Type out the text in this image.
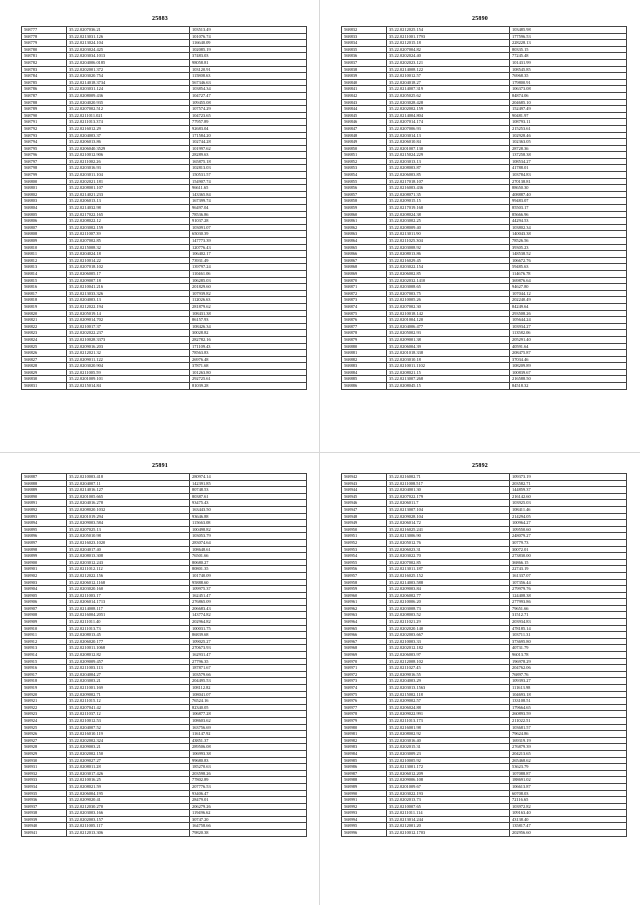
25883
568777	35.22.0207036.21	103513.49
568778	35.22.0213031.126	101076.74
568779	35.22.0213024.104	116640.09
568780	35.22.0203024.425	102085.19
568781	35.22.0203034.1013	37483.03
568782	35.22.0204006.0185	98058.81
568783	35.22.0202001.372	103120.91
568784	35.22.0203020.754	115808.63
568785	35.22.0214018.3734	567346.63
568786	35.22.0203031.124	103854.34
568787	35.22.0208009.436	104727.47
568788	35.22.0204020.935	109455.08
568789	35.22.0207002.512	107574.29
568790	35.22.0211011.021	104723.65
568791	35.22.0211013.374	77957.89
568792	35.22.0216012.29	92683.04
568793	35.22.0204003.37	171584.20
568794	35.22.0206013.86	102744.28
568795	35.22.0206040.3529	101997.62
568796	35.22.0210012.906	28289.63
568797	35.22.0211002.26	165875.18
568798	35.22.0203016.93	102813.03
568799	35.22.0203011.104	150531.57
568800	35.22.0202021.181	154907.74
568801	35.22.0208001.107	96611.65
568802	35.22.0214021.233	143365.84
568803	35.22.0206013.13	167399.74
568804	35.22.0214032.98	96497.04
568805	35.22.0217022.165	78536.86
568806	35.22.0208022.12	91037.28
568807	35.22.0203002.159	103091.07
568808	35.22.0211007.39	65030.39
568809	35.22.0207002.85	147773.39
568810	35.22.0215008.32	120776.43
568811	35.22.0204024.18	106402.17
568812	35.22.0210014.22	73931.49
568813	35.22.0207018.102	139797.24
568814	35.22.0206005.17	110461.06
568815	35.22.0209007.18	106285.03
568816	35.22.0210041.216	201829.60
568817	35.22.0213033.326	107939.82
568818	35.22.0204003.13	112026.63
568819	35.22.0212022.194	281879.62
568820	35.22.0205019.14	108431.38
568821	35.22.0209014.702	86157.93
568822	35.22.0210017.37	108426.34
568823	35.22.0202022.237	30028.82
568824	35.22.0210028.3373	282782.16
568825	35.22.0209016.203	171109.43
568826	35.22.0212021.32	78563.83
568827	35.22.0209011.122	26976.48
568828	35.22.0203020.904	37871.68
568829	35.22.0211005.59	101263.80
568830	35.22.0201009.101	292725.61
568831	35.22.0215014.84	81039.28
25890
568832	35.22.0212025.154	103485.98
568833	35.22.0211001.1793	177596.53
568834	35.22.0212015.18	228228.13
568835	35.22.0207004.82	80335.15
568836	35.22.0202024.40	77245.48
568837	35.22.0202023.121	101431.99
568838	35.22.0214008.122	108545.85
568839	35.22.0210012.57	76968.35
568840	35.22.0204018.27	179800.91
568841	35.22.0214007.319	106373.08
568842	35.22.0205025.62	84874.06
568843	35.22.0203028.428	204685.10
568844	35.22.0202002.159	152497.49
568845	35.22.0214004.804	90481.97
568846	35.22.0207014.174	108793.11
568847	35.22.0207006.93	215253.61
568848	35.22.0203014.13	102928.46
568849	35.22.0206010.84	102363.05
568850	35.22.0201007.130	28728.36
568851	35.22.0215024.229	137258.38
568852	35.22.0203013.13	108534.27
568853	35.22.0208003.87	41788.01
568854	35.22.0206003.85	103784.83
568855	35.22.0217018.107	270138.81
568856	35.22.0216003.436	88650.30
568857	35.22.0208071.35	408887.40
568858	35.22.0209015.15	99483.07
568859	35.22.0217019.168	85503.17
568860	35.22.0208024.38	85666.96
568861	35.22.0203002.25	44294.53
568862	35.22.0208009.40	103802.34
568863	35.22.0213011.90	140043.38
568864	35.22.0211025.304	78526.56
568865	35.22.0203008.92	39305.23
568866	35.22.0208013.86	148538.52
568867	35.22.0216029.45	106672.76
568868	35.22.0203022.154	59485.63
568869	35.22.0206002.85	114676.78
568870	35.22.0202032.1410	369876.64
568871	35.22.0203008.65	94627.80
568872	35.22.0207003.75	107044.12
568873	35.22.0210005.26	202240.49
568874	35.22.0207002.30	84249.64
568875	35.22.0210018.142	293508.26
568876	35.22.0201004.120	105644.24
568877	35.22.0204006.477	103934.27
568878	35.22.0205002.93	113582.06
568879	35.22.0209001.38	205291.40
568880	35.22.0206004.39	40591.64
568881	35.22.0201018.338	208475.87
568882	35.22.0203010.18	37034.46
568883	35.22.0210011.1102	108209.89
568884	35.22.0208021.15	100839.67
568885	35.22.0213007.268	216588.50
568886	35.22.0208045.15	84518.32
25891
568887	35.22.0210003.418	280974.14
568888	35.22.0204007.11	142391.85
568889	35.22.0214016.127	80748.53
568890	35.22.0201005.665	80387.61
568891	35.22.0204016.278	93475.43
568892	35.22.0208020.1032	163443.50
568893	35.22.0201019.294	93646.88
568894	35.22.0209003.584	115663.08
568895	35.22.0207025.13	100498.82
568896	35.22.0205010.98	103053.79
568897	35.22.0216023.1020	283074.64
568898	35.22.0204017.40	108648.61
568899	35.22.0208013.308	76501.66
568900	35.22.0203012.243	80680.27
568901	35.22.0211012.112	80801.35
568902	35.22.0212022.156	101740.09
568903	35.22.0206012.1168	95888.60
568904	35.22.0203020.160	109975.37
568905	35.22.0211003.17	162451.47
568906	35.22.0206014.1713	276865.09
568907	35.22.0214008.117	206683.43
568908	35.22.0216004.2051	143774.82
568909	35.22.0211011.40	202964.82
568910	35.22.0211013.73	100031.75
568911	35.22.0208013.45	86839.68
568912	35.22.0206020.177	109025.27
568913	35.22.0210011.1068	270673.93
568914	35.22.0208012.82	162931.47
568915	35.22.0209009.457	27796.35
568916	35.22.0211003.113	187871.67
568917	35.22.0204004.27	103579.66
568918	35.22.0203003.21	204495.53
568919	35.22.0211001.169	108112.82
568920	35.22.0209002.71	108041.07
568921	35.22.0211015.12	76524.16
568922	35.22.0207041.42	82340.05
568923	35.22.0211037.12	106877.28
568924	35.22.0210012.53	108603.62
568925	35.22.0204007.52	163756.69
568926	35.22.0216010.119	116147.92
568927	35.22.0202002.324	43851.37
568928	35.22.0209003.21	289506.08
568929	35.22.0202002.150	106993.38
568930	35.22.0209027.27	99680.83
568931	35.22.0208011.28	185270.63
568932	35.22.0203017.426	203598.26
568933	35.22.0210016.25	77802.89
568934	35.22.0208021.59	207776.53
568935	35.22.0206004.195	93406.47
568936	35.22.0209020.41	28479.01
568937	35.22.0212030.270	206279.26
568938	35.22.0203003.166	119496.62
568939	35.22.0202003.157	30747.20
568940	35.22.0211005.117	164758.66
568941	35.22.0212013.306	79820.38
25892
568942	35.22.0216002.71	109373.19
568943	35.22.0211008.517	203582.71
568944	35.22.0204001.30	144859.37
568945	35.22.0207022.179	216142.60
568946	35.22.0206011.7	103925.03
568947	35.22.0213007.104	108411.46
568948	35.22.0209028.104	214294.05
568949	35.22.0206014.72	100964.27
568950	35.22.0216025.241	109550.60
568951	35.22.0213006.90	248079.27
568952	35.22.0205012.76	30779.73
568953	35.22.0206023.31	30072.01
568954	35.22.0203022.70	273830.00
568955	35.22.0207002.85	36866.15
568956	35.22.0213011.187	22743.19
568957	35.22.0216025.152	161337.07
568958	35.22.0214003.588	107356.44
568959	35.22.0209003.84	279979.76
568960	35.22.0206002.77	124408.38
568961	35.22.0210006.20	277993.86
568962	35.22.0203008.73	79651.66
568963	35.22.0208003.52	31512.71
568964	35.22.0211021.29	203934.83
568965	35.22.0202020.140	478185.14
568966	35.22.0202003.667	103711.31
568967	35.22.0210003.33	373695.80
568968	35.22.0202012.182	40731.79
568969	35.22.0206003.97	96013.78
568970	35.22.0212008.102	196978.29
568971	35.22.0211027.45	204762.06
568972	35.22.0209016.55	76897.76
568973	35.22.0204003.29	109393.27
568974	35.22.0203013.1563	111613.98
568975	35.22.0215002.118	104693.18
568976	35.22.0209002.57	133108.51
568977	35.22.0206024.88	179664.65
568978	35.22.0209022.991	260893.59
568979	35.22.0211013.173	211022.51
568980	35.22.0216001.98	103681.57
568981	35.22.0208002.92	79624.86
568982	35.22.0203016.40	169319.19
568983	35.22.0202015.31	276879.39
568984	35.22.0203009.23	204213.65
568985	35.22.0210005.92	265468.62
568986	35.22.0213001.172	53623.79
568987	35.22.0206012.209	107088.87
568988	35.22.0209006.108	188691.02
568989	35.22.0201009.67	106613.87
568990	35.22.0203022.193	60708.03
568991	35.22.0202013.73	72116.65
568992	35.22.0210007.65	103972.82
568993	35.22.0211011.114	109163.40
568994	35.22.0213014.244	43138.40
568995	35.22.0212001.20	135817.47
568996	35.22.0210012.1703	202956.60
